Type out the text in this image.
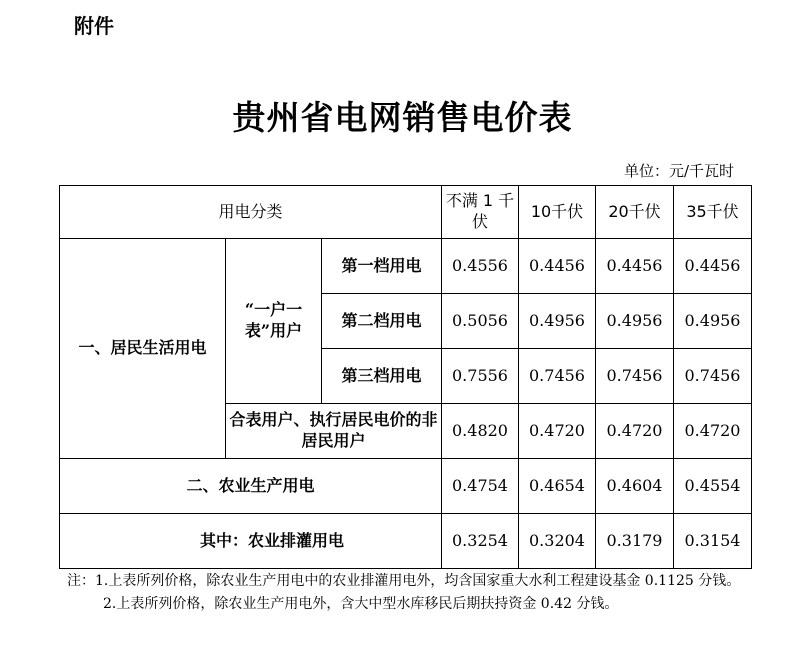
附件
贵州省电网销售电价表
单位：元/千瓦时
用电分类			不满 1 千伏	10千伏	20千伏	35千伏
一、居民生活用电	“一户一表”用户	第一档用电	0.4556	0.4456	0.4456	0.4456
		第二档用电	0.5056	0.4956	0.4956	0.4956
		第三档用电	0.7556	0.7456	0.7456	0.7456
	合表用户、执行居民电价的非居民用户		0.4820	0.4720	0.4720	0.4720
二、农业生产用电			0.4754	0.4654	0.4604	0.4554
其中：农业排灌用电			0.3254	0.3204	0.3179	0.3154
注：1.上表所列价格，除农业生产用电中的农业排灌用电外，均含国家重大水利工程建设基金 0.1125 分钱。
2.上表所列价格，除农业生产用电外，含大中型水库移民后期扶持资金 0.42 分钱。
